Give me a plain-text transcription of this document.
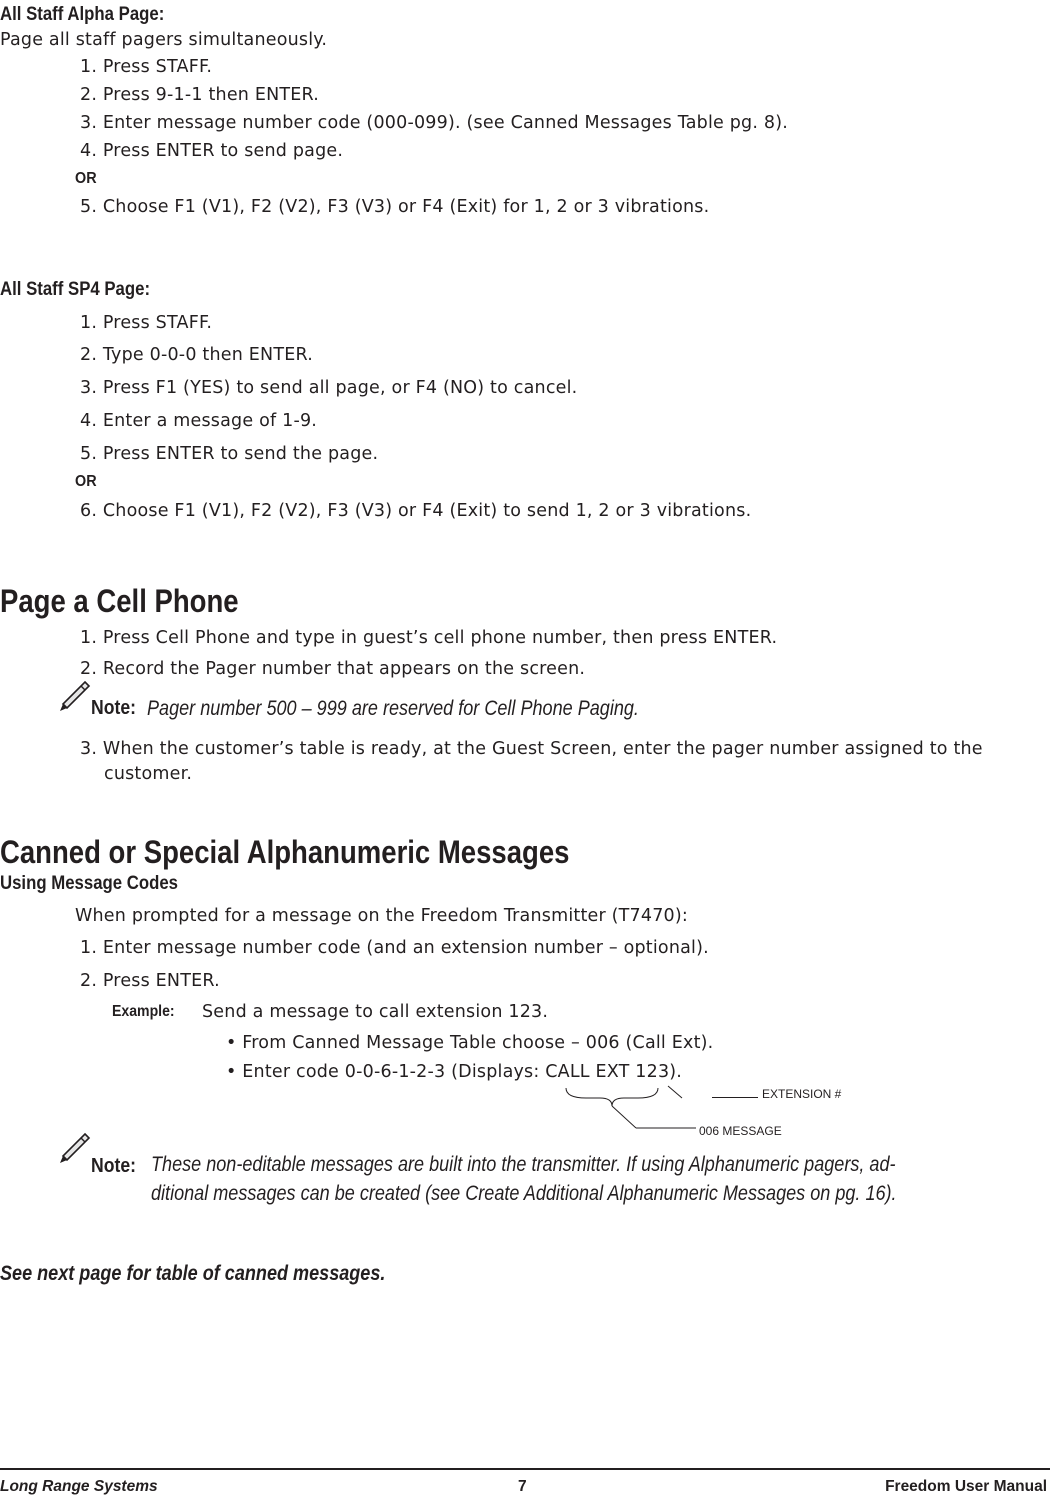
All Staff Alpha Page:
Page all staff pagers simultaneously.
1. Press STAFF.
2. Press 9-1-1 then ENTER.
3. Enter message number code (000-099). (see Canned Messages Table pg. 8).
4. Press ENTER to send page.
OR
5. Choose F1 (V1), F2 (V2), F3 (V3) or F4 (Exit) for 1, 2 or 3 vibrations.
All Staff SP4 Page:
1. Press STAFF.
2. Type 0-0-0 then ENTER.
3. Press F1 (YES) to send all page, or F4 (NO) to cancel.
4. Enter a message of 1-9.
5. Press ENTER to send the page.
OR
6. Choose F1 (V1), F2 (V2), F3 (V3) or F4 (Exit) to send 1, 2 or 3 vibrations.
Page a Cell Phone
1. Press Cell Phone and type in guest’s cell phone number, then press ENTER.
2. Record the Pager number that appears on the screen.
Note: Pager number 500 – 999 are reserved for Cell Phone Paging.
3. When the customer’s table is ready, at the Guest Screen, enter the pager number assigned to the
customer.
Canned or Special Alphanumeric Messages
Using Message Codes
When prompted for a message on the Freedom Transmitter (T7470):
1. Enter message number code (and an extension number – optional).
2. Press ENTER.
Example: Send a message to call extension 123.
• From Canned Message Table choose – 006 (Call Ext).
• Enter code 0-0-6-1-2-3 (Displays: CALL EXT 123).
EXTENSION #
006 MESSAGE
Note: These non-editable messages are built into the transmitter. If using Alphanumeric pagers, ad-
ditional messages can be created (see Create Additional Alphanumeric Messages on pg. 16).
See next page for table of canned messages.
Long Range Systems	7	Freedom User Manual
